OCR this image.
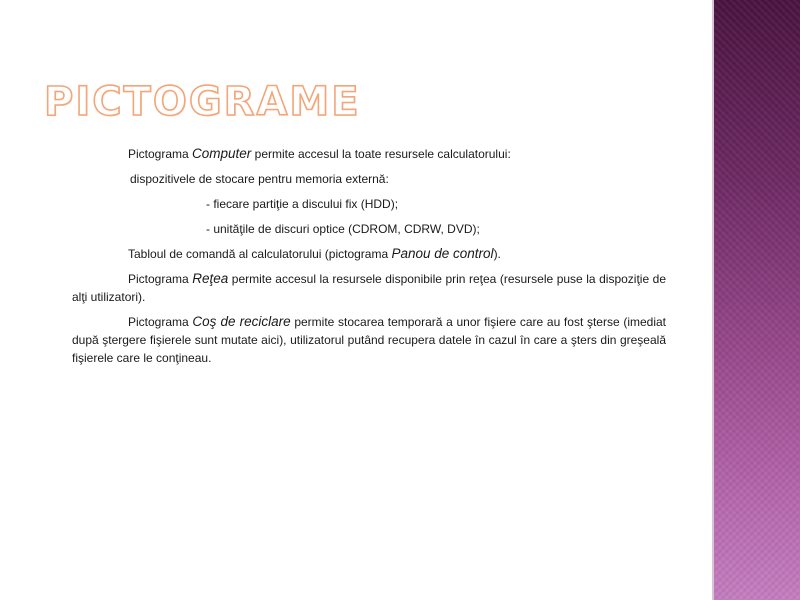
PICTOGRAME

Pictograma Computer permite accesul la toate resursele calculatorului:

dispozitivele de stocare pentru memoria externă:

- fiecare partiţie a discului fix (HDD);

- unităţile de discuri optice (CDROM, CDRW, DVD);

Tabloul de comandă al calculatorului (pictograma Panou de control).

Pictograma Reţea permite accesul la resursele disponibile prin reţea (resursele puse la dispoziţie de alţi utilizatori).

Pictograma Coş de reciclare permite stocarea temporară a unor fişiere care au fost şterse (imediat după ştergere fişierele sunt mutate aici), utilizatorul putând recupera datele în cazul în care a şters din greşeală fişierele care le conţineau.
